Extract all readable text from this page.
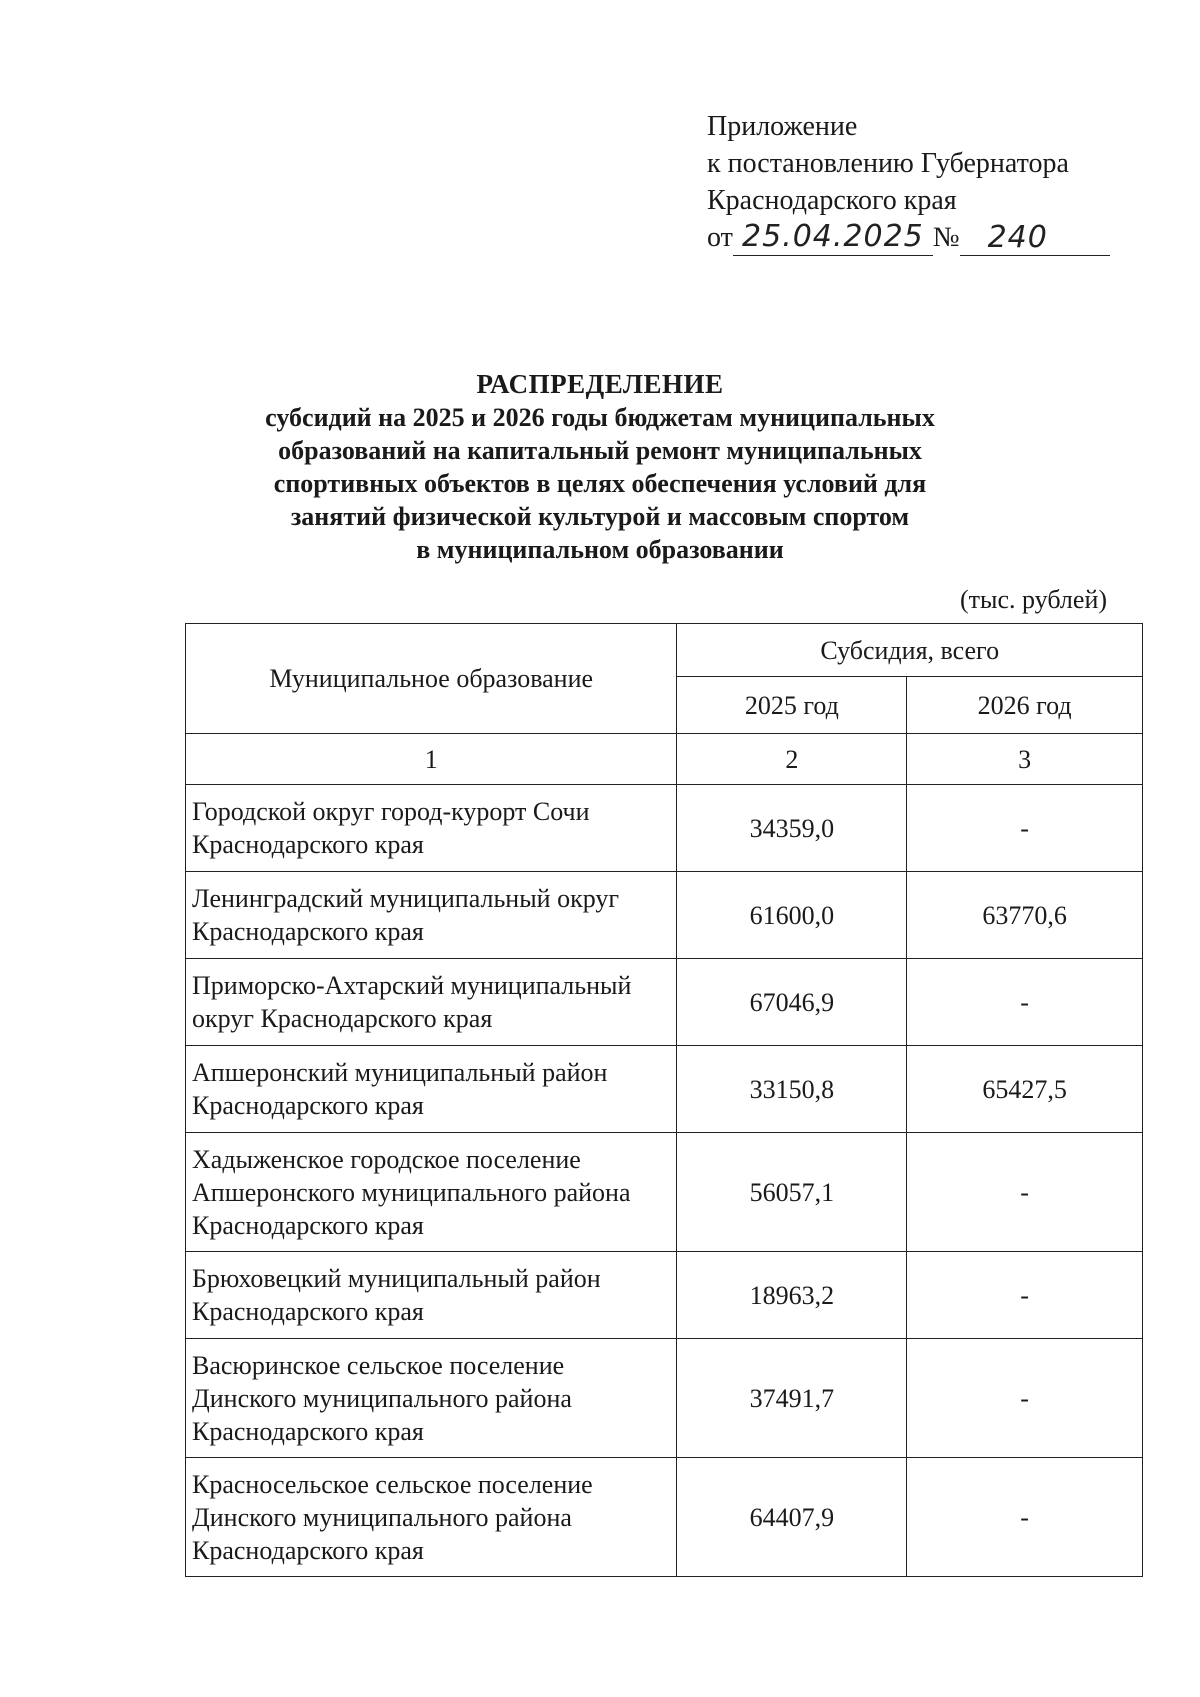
Приложение
к постановлению Губернатора
Краснодарского края
от 25.04.2025 № 240
РАСПРЕДЕЛЕНИЕ
субсидий на 2025 и 2026 годы бюджетам муниципальных
образований на капитальный ремонт муниципальных
спортивных объектов в целях обеспечения условий для
занятий физической культурой и массовым спортом
в муниципальном образовании
(тыс. рублей)
Муниципальное образование	Субсидия, всего	
	2025 год	2026 год
1	2	3

Городской округ город-курорт Сочи
Краснодарского края	34359,0	-

Ленинградский муниципальный округ
Краснодарского края	61600,0	63770,6

Приморско-Ахтарский муниципальный
округ Краснодарского края	67046,9	-

Апшеронский муниципальный район
Краснодарского края	33150,8	65427,5

Хадыженское городское поселение
Апшеронского муниципального района
Краснодарского края	56057,1	-

Брюховецкий муниципальный район
Краснодарского края	18963,2	-

Васюринское сельское поселение
Динского муниципального района
Краснодарского края	37491,7	-

Красносельское сельское поселение
Динского муниципального района
Краснодарского края	64407,9	-
